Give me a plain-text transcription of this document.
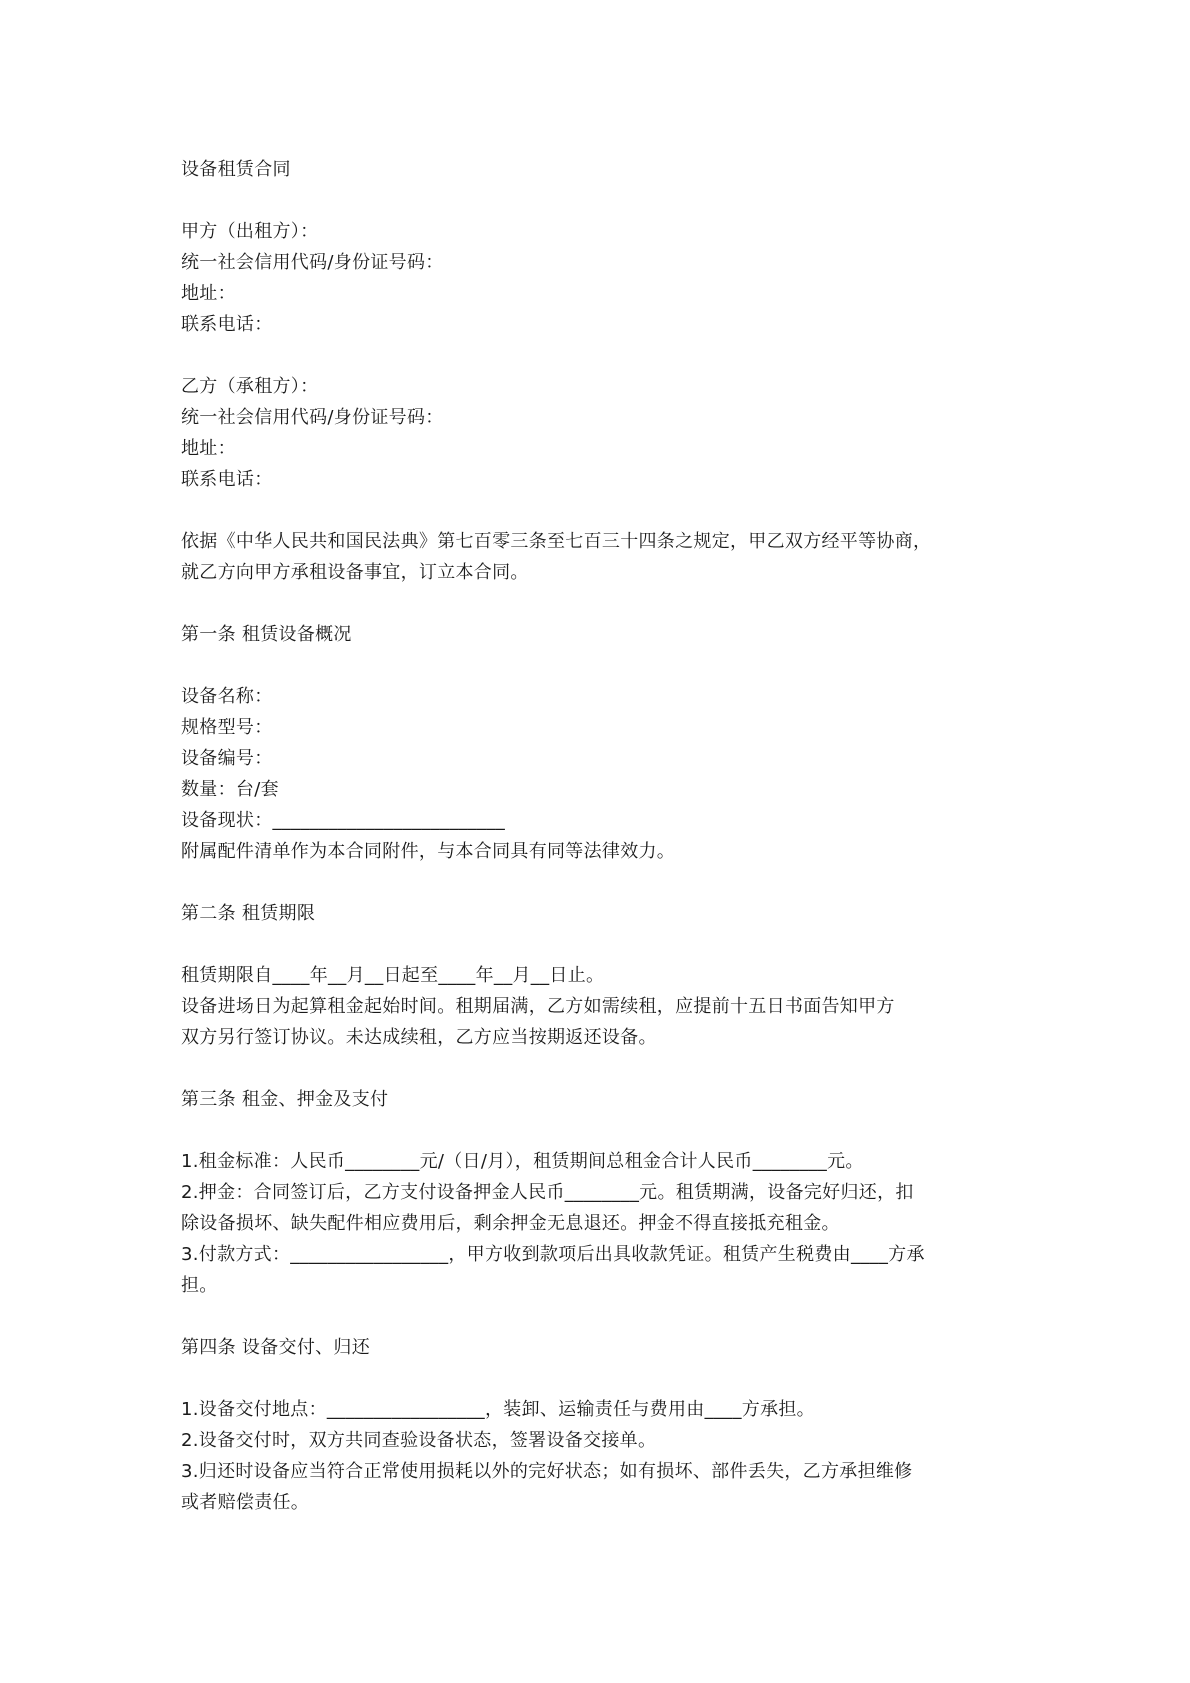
设备租赁合同
甲方（出租方）：
统一社会信用代码/身份证号码：
地址：
联系电话：
乙方（承租方）：
统一社会信用代码/身份证号码：
地址：
联系电话：
依据《中华人民共和国民法典》第七百零三条至七百三十四条之规定，甲乙双方经平等协商，
就乙方向甲方承租设备事宜，订立本合同。
第一条 租赁设备概况
设备名称：
规格型号：
设备编号：
数量：台/套
设备现状：_________________________
附属配件清单作为本合同附件，与本合同具有同等法律效力。
第二条 租赁期限
租赁期限自____年__月__日起至____年__月__日止。
设备进场日为起算租金起始时间。租期届满，乙方如需续租，应提前十五日书面告知甲方
双方另行签订协议。未达成续租，乙方应当按期返还设备。
第三条 租金、押金及支付
1.租金标准：人民币________元/（日/月），租赁期间总租金合计人民币________元。
2.押金：合同签订后，乙方支付设备押金人民币________元。租赁期满，设备完好归还，扣
除设备损坏、缺失配件相应费用后，剩余押金无息退还。押金不得直接抵充租金。
3.付款方式：_________________，甲方收到款项后出具收款凭证。租赁产生税费由____方承
担。
第四条 设备交付、归还
1.设备交付地点：_________________，装卸、运输责任与费用由____方承担。
2.设备交付时，双方共同查验设备状态，签署设备交接单。
3.归还时设备应当符合正常使用损耗以外的完好状态；如有损坏、部件丢失，乙方承担维修
或者赔偿责任。
